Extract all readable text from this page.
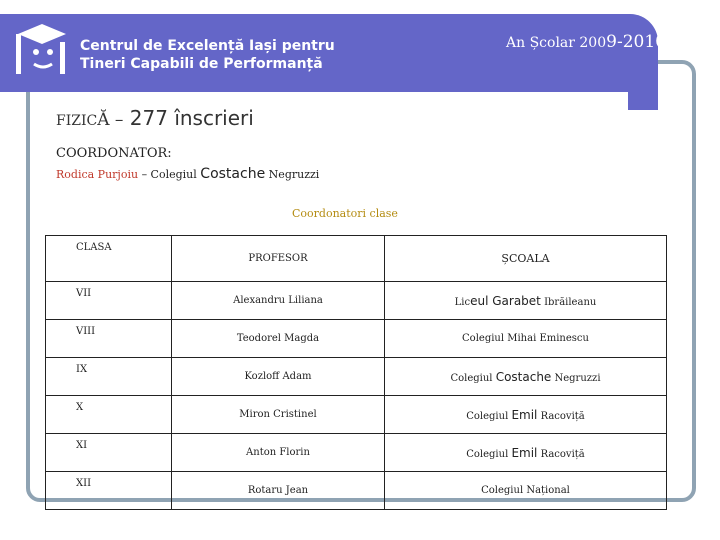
Centrul de Excelență Iași pentru
Tineri Capabili de Performanță
An Școlar 2009-2010
FIZICĂ – 277 înscrieri
COORDONATOR:
Rodica Purjoiu – Colegiul Costache Negruzzi
Coordonatori clase
CLASA	PROFESOR	ȘCOALA
VII	Alexandru Liliana	Liceul Garabet Ibrăileanu
VIII	Teodorel Magda	Colegiul Mihai Eminescu
IX	Kozloff Adam	Colegiul Costache Negruzzi
X	Miron Cristinel	Colegiul Emil Racoviță
XI	Anton Florin	Colegiul Emil Racoviță
XII	Rotaru Jean	Colegiul Național
